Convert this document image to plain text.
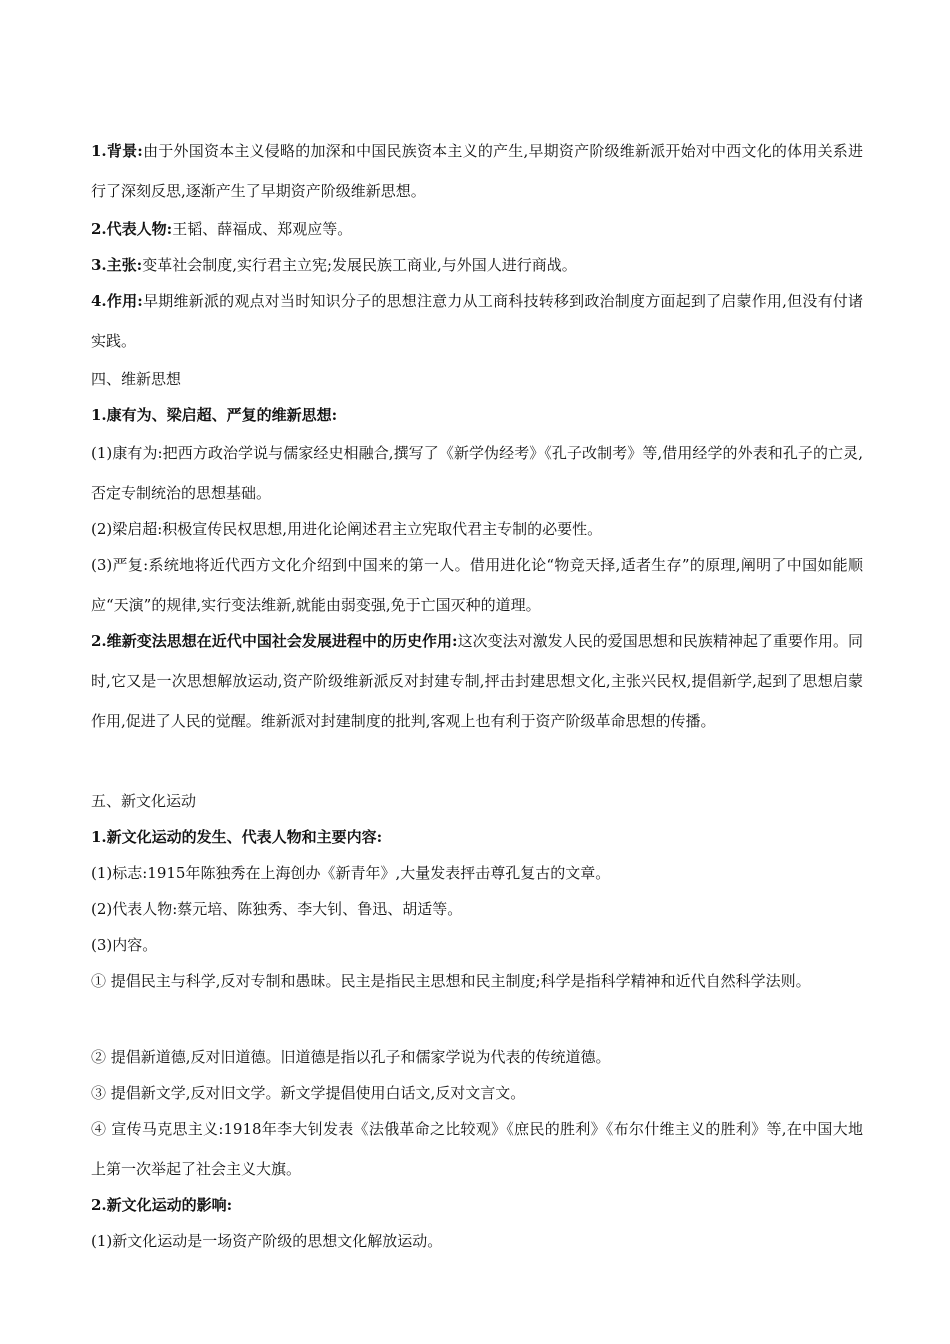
1.背景:由于外国资本主义侵略的加深和中国民族资本主义的产生,早期资产阶级维新派开始对中西文化的体用关系进行了深刻反思,逐渐产生了早期资产阶级维新思想。

2.代表人物:王韬、薛福成、郑观应等。

3.主张:变革社会制度,实行君主立宪;发展民族工商业,与外国人进行商战。

4.作用:早期维新派的观点对当时知识分子的思想注意力从工商科技转移到政治制度方面起到了启蒙作用,但没有付诸实践。

四、维新思想

1.康有为、梁启超、严复的维新思想:

(1)康有为:把西方政治学说与儒家经史相融合,撰写了《新学伪经考》《孔子改制考》等,借用经学的外表和孔子的亡灵,否定专制统治的思想基础。

(2)梁启超:积极宣传民权思想,用进化论阐述君主立宪取代君主专制的必要性。

(3)严复:系统地将近代西方文化介绍到中国来的第一人。借用进化论“物竞天择,适者生存”的原理,阐明了中国如能顺应“天演”的规律,实行变法维新,就能由弱变强,免于亡国灭种的道理。

2.维新变法思想在近代中国社会发展进程中的历史作用:这次变法对激发人民的爱国思想和民族精神起了重要作用。同时,它又是一次思想解放运动,资产阶级维新派反对封建专制,抨击封建思想文化,主张兴民权,提倡新学,起到了思想启蒙作用,促进了人民的觉醒。维新派对封建制度的批判,客观上也有利于资产阶级革命思想的传播。

五、新文化运动

1.新文化运动的发生、代表人物和主要内容:

(1)标志:1915年陈独秀在上海创办《新青年》,大量发表抨击尊孔复古的文章。

(2)代表人物:蔡元培、陈独秀、李大钊、鲁迅、胡适等。

(3)内容。

① 提倡民主与科学,反对专制和愚昧。民主是指民主思想和民主制度;科学是指科学精神和近代自然科学法则。

② 提倡新道德,反对旧道德。旧道德是指以孔子和儒家学说为代表的传统道德。

③ 提倡新文学,反对旧文学。新文学提倡使用白话文,反对文言文。

④ 宣传马克思主义:1918年李大钊发表《法俄革命之比较观》《庶民的胜利》《布尔什维主义的胜利》等,在中国大地上第一次举起了社会主义大旗。

2.新文化运动的影响:

(1)新文化运动是一场资产阶级的思想文化解放运动。
